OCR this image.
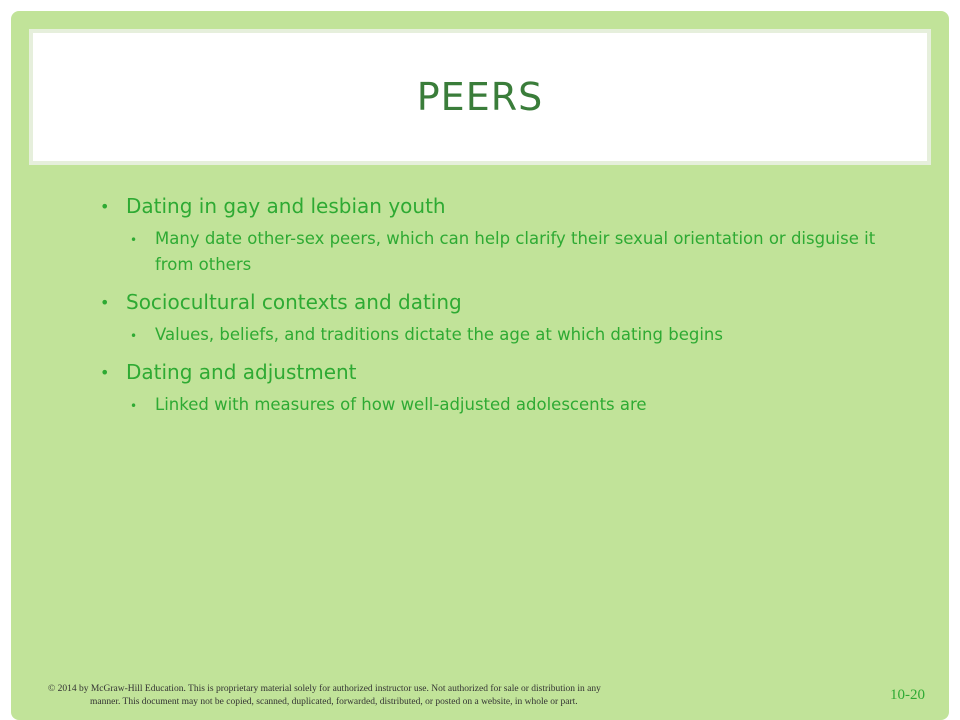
PEERS
• Dating in gay and lesbian youth
• Many date other-sex peers, which can help clarify their sexual orientation or disguise it from others
• Sociocultural contexts and dating
• Values, beliefs, and traditions dictate the age at which dating begins
• Dating and adjustment
• Linked with measures of how well-adjusted adolescents are
© 2014 by McGraw-Hill Education. This is proprietary material solely for authorized instructor use. Not authorized for sale or distribution in any
manner. This document may not be copied, scanned, duplicated, forwarded, distributed, or posted on a website, in whole or part.	10-20
